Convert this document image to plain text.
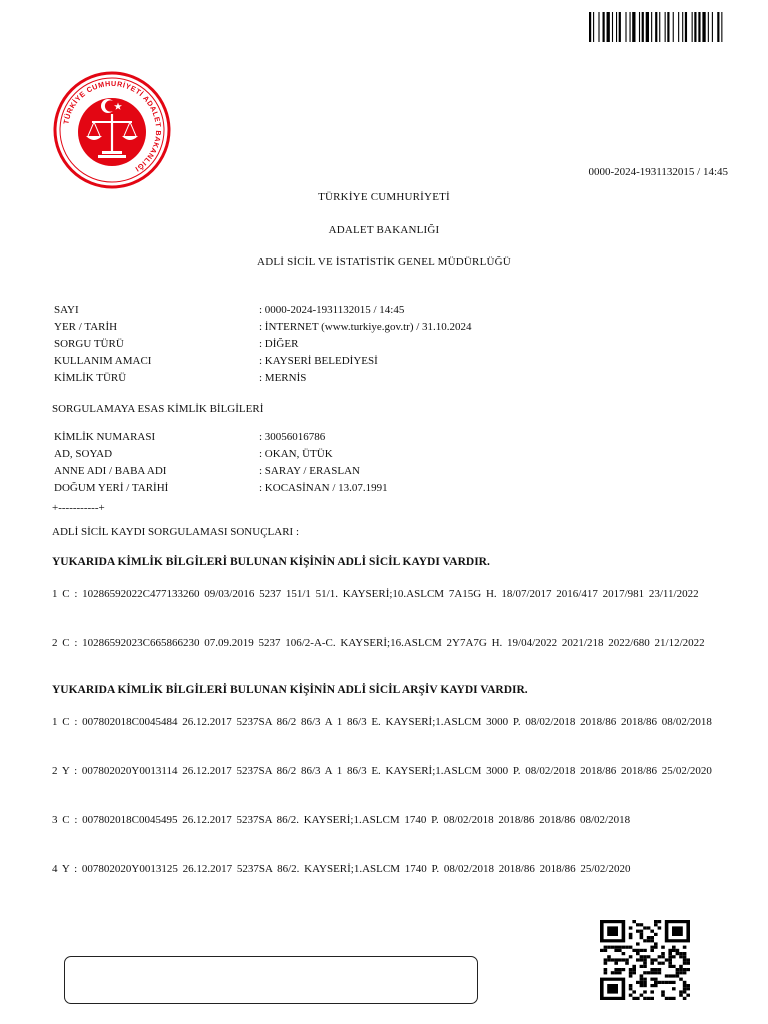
TÜRKİYE CUMHURİYETİ ADALET BAKANLIĞI	0000-2024-1931132015 / 14:45
TÜRKİYE CUMHURİYETİ
ADALET BAKANLIĞI
ADLİ SİCİL VE İSTATİSTİK GENEL MÜDÜRLÜĞÜ
SAYI	: 0000-2024-1931132015 / 14:45
YER / TARİH	: İNTERNET (www.turkiye.gov.tr) / 31.10.2024
SORGU TÜRÜ	: DİĞER
KULLANIM AMACI	: KAYSERİ BELEDİYESİ
KİMLİK TÜRÜ	: MERNİS
SORGULAMAYA ESAS KİMLİK BİLGİLERİ
KİMLİK NUMARASI	: 30056016786
AD, SOYAD	: OKAN, ÜTÜK
ANNE ADI / BABA ADI	: SARAY / ERASLAN
DOĞUM YERİ / TARİHİ	: KOCASİNAN / 13.07.1991
+-----------+
ADLİ SİCİL KAYDI SORGULAMASI SONUÇLARI :
YUKARIDA KİMLİK BİLGİLERİ BULUNAN KİŞİNİN ADLİ SİCİL KAYDI VARDIR.
1 C : 10286592022C477133260 09/03/2016 5237 151/1 51/1. KAYSERİ;10.ASLCM 7A15G H. 18/07/2017 2016/417 2017/981 23/11/2022
2 C : 10286592023C665866230 07.09.2019 5237 106/2-A-C. KAYSERİ;16.ASLCM 2Y7A7G H. 19/04/2022 2021/218 2022/680 21/12/2022
YUKARIDA KİMLİK BİLGİLERİ BULUNAN KİŞİNİN ADLİ SİCİL ARŞİV KAYDI VARDIR.
1 C : 007802018C0045484 26.12.2017 5237SA 86/2 86/3 A 1 86/3 E. KAYSERİ;1.ASLCM 3000 P. 08/02/2018 2018/86 2018/86 08/02/2018
2 Y : 007802020Y0013114 26.12.2017 5237SA 86/2 86/3 A 1 86/3 E. KAYSERİ;1.ASLCM 3000 P. 08/02/2018 2018/86 2018/86 25/02/2020
3 C : 007802018C0045495 26.12.2017 5237SA 86/2. KAYSERİ;1.ASLCM 1740 P. 08/02/2018 2018/86 2018/86 08/02/2018
4 Y : 007802020Y0013125 26.12.2017 5237SA 86/2. KAYSERİ;1.ASLCM 1740 P. 08/02/2018 2018/86 2018/86 25/02/2020
